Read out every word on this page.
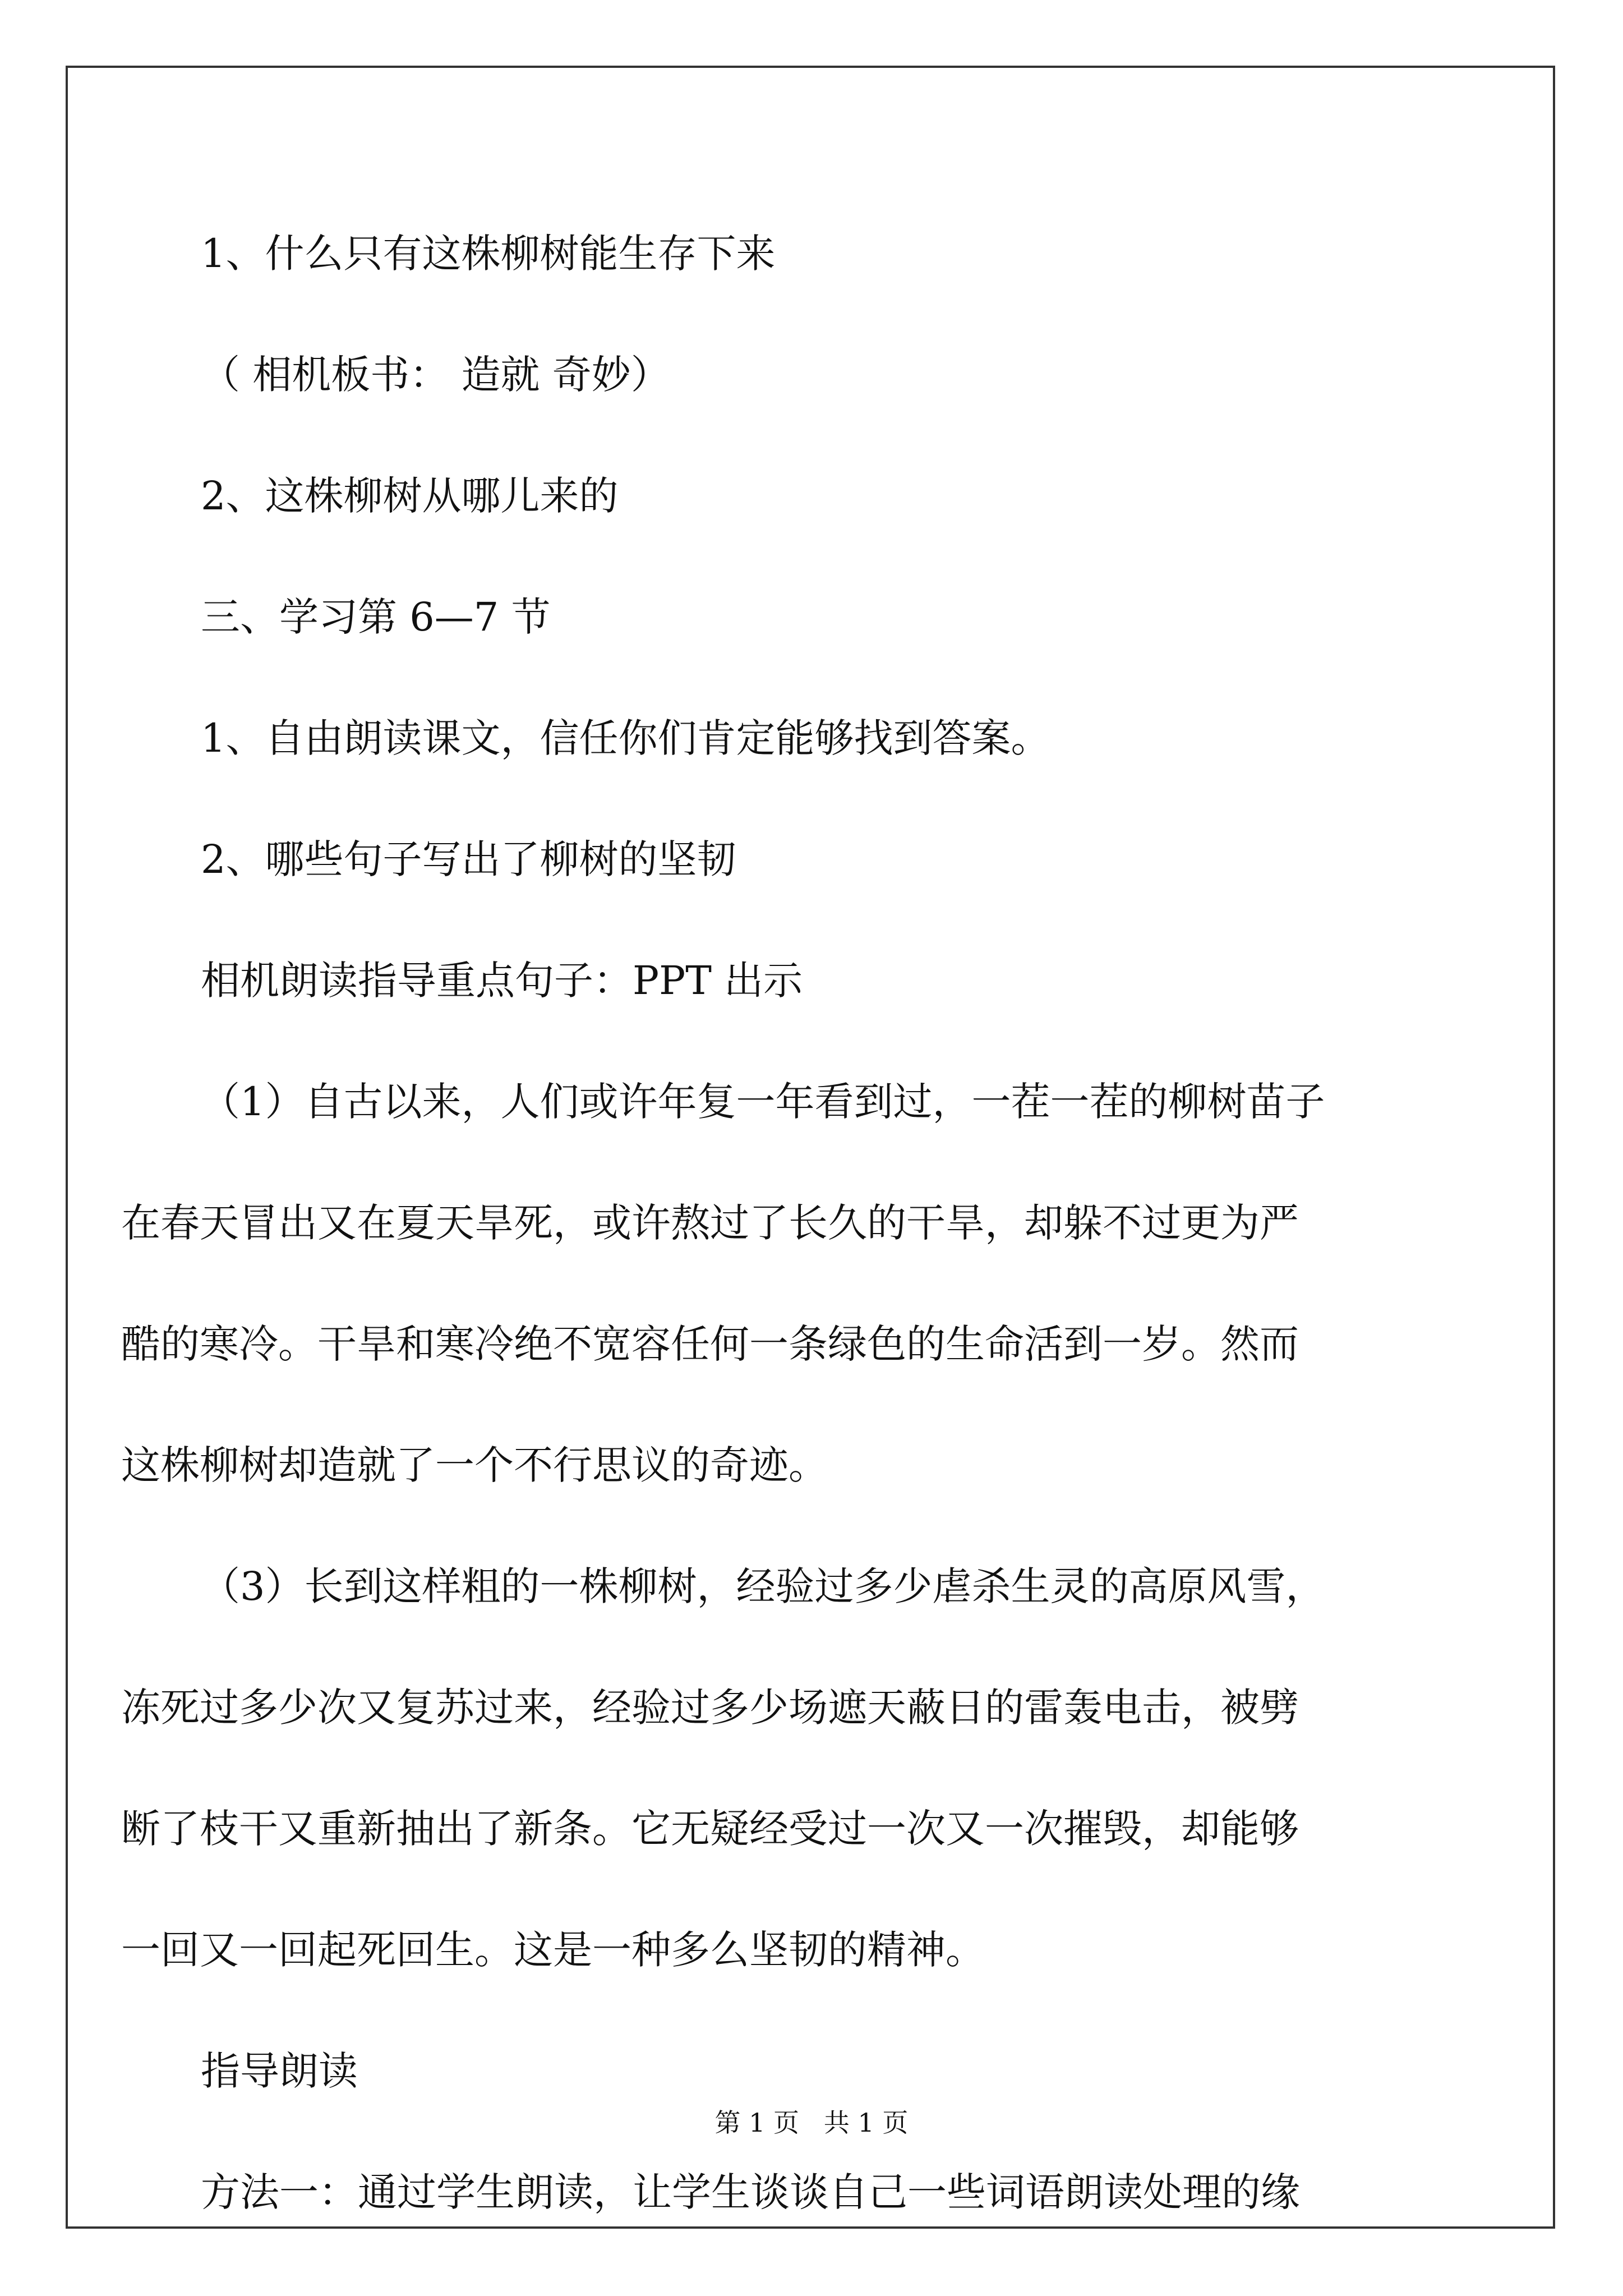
1、什么只有这株柳树能生存下来
（ 相机板书： 造就 奇妙）
2、这株柳树从哪儿来的
三、学习第 6—7 节
1、自由朗读课文，信任你们肯定能够找到答案。
2、哪些句子写出了柳树的坚韧
相机朗读指导重点句子：PPT 出示
（1）自古以来，人们或许年复一年看到过，一茬一茬的柳树苗子
在春天冒出又在夏天旱死，或许熬过了长久的干旱，却躲不过更为严
酷的寒冷。干旱和寒冷绝不宽容任何一条绿色的生命活到一岁。然而
这株柳树却造就了一个不行思议的奇迹。
（3）长到这样粗的一株柳树，经验过多少虐杀生灵的高原风雪，
冻死过多少次又复苏过来，经验过多少场遮天蔽日的雷轰电击，被劈
断了枝干又重新抽出了新条。它无疑经受过一次又一次摧毁，却能够
一回又一回起死回生。这是一种多么坚韧的精神。
指导朗读
方法一：通过学生朗读，让学生谈谈自己一些词语朗读处理的缘
第 1 页   共 1 页
